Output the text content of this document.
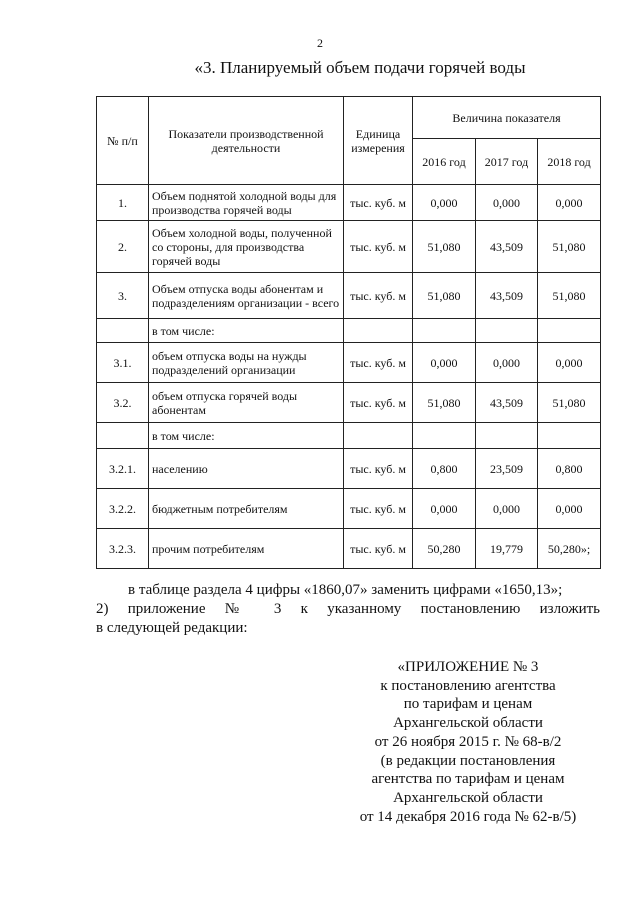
2
«3. Планируемый объем подачи горячей воды
№ п/п	Показатели производственной деятельности	Единица измерения	Величина показателя		
			2016 год	2017 год	2018 год
1.	Объем поднятой холодной воды для производства горячей воды	тыс. куб. м	0,000	0,000	0,000
2.	Объем холодной воды, полученной со стороны, для производства горячей воды	тыс. куб. м	51,080	43,509	51,080
3.	Объем отпуска воды абонентам и подразделениям организации - всего	тыс. куб. м	51,080	43,509	51,080
	в том числе:				
3.1.	объем отпуска воды на нужды подразделений организации	тыс. куб. м	0,000	0,000	0,000
3.2.	объем отпуска горячей воды абонентам	тыс. куб. м	51,080	43,509	51,080
	в том числе:				
3.2.1.	населению	тыс. куб. м	0,800	23,509	0,800
3.2.2.	бюджетным потребителям	тыс. куб. м	0,000	0,000	0,000
3.2.3.	прочим потребителям	тыс. куб. м	50,280	19,779	50,280»;
в таблице раздела 4 цифры «1860,07» заменить цифрами «1650,13»;
2) приложение № 3 к указанному постановлению изложить
в следующей редакции:
«ПРИЛОЖЕНИЕ № 3
к постановлению агентства
по тарифам и ценам
Архангельской области
от 26 ноября 2015 г. № 68-в/2
(в редакции постановления
агентства по тарифам и ценам
Архангельской области
от 14 декабря 2016 года № 62-в/5)
